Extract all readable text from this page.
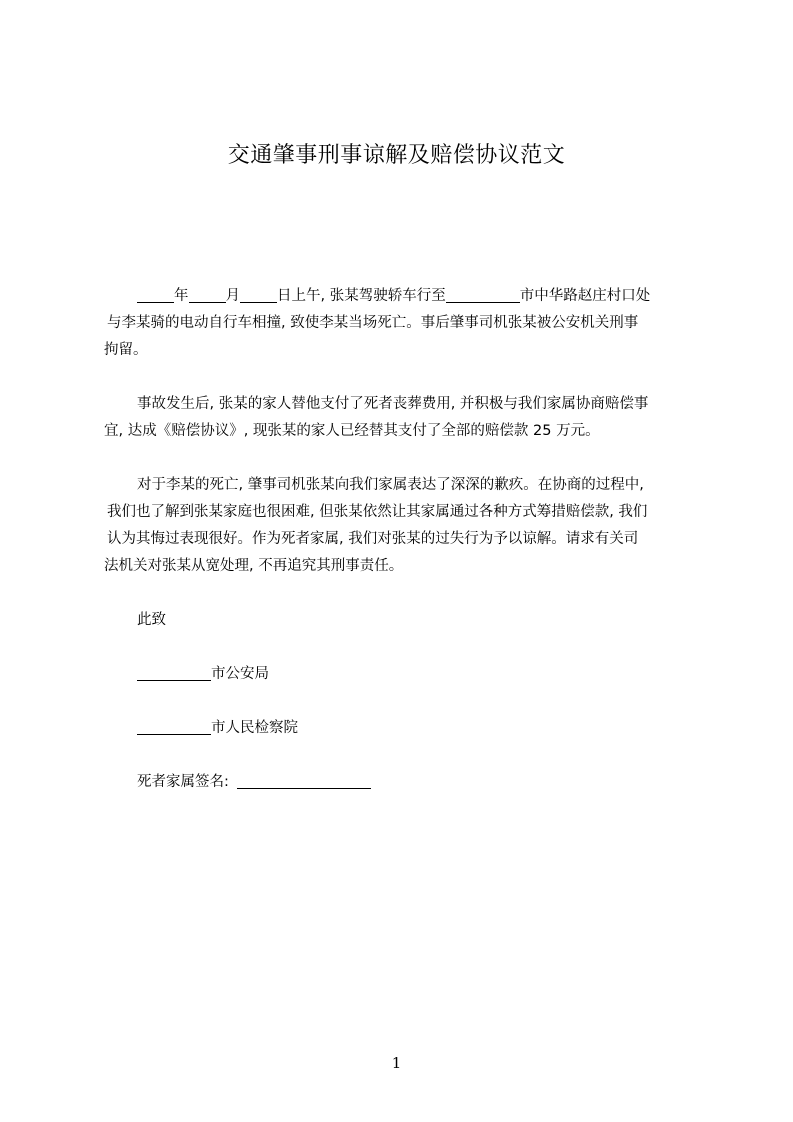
交通肇事刑事谅解及赔偿协议范文
年	月	日上午, 张某驾驶轿车行至	市中华路赵庄村口处
与李某骑的电动自行车相撞, 致使李某当场死亡。事后肇事司机张某被公安机关刑事
拘留。
事故发生后, 张某的家人替他支付了死者丧葬费用, 并积极与我们家属协商赔偿事
宜, 达成《赔偿协议》, 现张某的家人已经替其支付了全部的赔偿款 25 万元。
对于李某的死亡, 肇事司机张某向我们家属表达了深深的歉疚。在协商的过程中,
我们也了解到张某家庭也很困难, 但张某依然让其家属通过各种方式筹措赔偿款, 我们
认为其悔过表现很好。作为死者家属, 我们对张某的过失行为予以谅解。请求有关司
法机关对张某从宽处理, 不再追究其刑事责任。
此致
市公安局
市人民检察院
死者家属签名:
1
